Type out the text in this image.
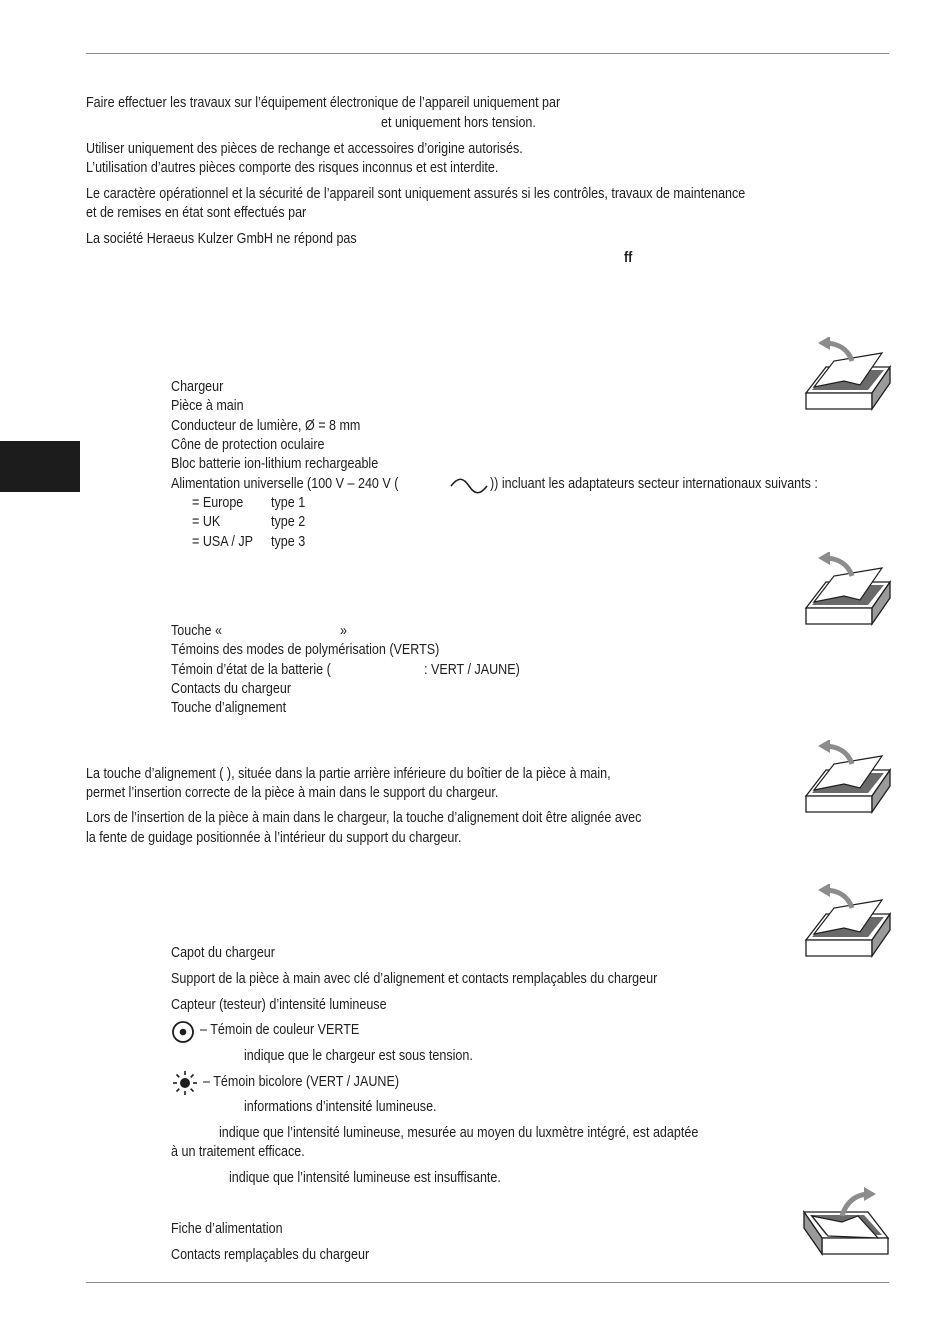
Faire effectuer les travaux sur l’équipement électronique de l’appareil uniquement par
et uniquement hors tension.
Utiliser uniquement des pièces de rechange et accessoires d’origine autorisés.
L’utilisation d’autres pièces comporte des risques inconnus et est interdite.
Le caractère opérationnel et la sécurité de l’appareil sont uniquement assurés si les contrôles, travaux de maintenance
et de remises en état sont effectués par
La société Heraeus Kulzer GmbH ne répond pas
ff
Chargeur
Pièce à main
Conducteur de lumière, Ø = 8 mm
Cône de protection oculaire
Bloc batterie ion-lithium rechargeable
Alimentation universelle (100 V – 240 V (	)) incluant les adaptateurs secteur internationaux suivants :
= Europe type 1
= UK	type 2
= USA / JP type 3
Touche «	»
Témoins des modes de polymérisation (VERTS)
Témoin d’état de la batterie (	: VERT / JAUNE)
Contacts du chargeur
Touche d’alignement
La touche d’alignement ( ), située dans la partie arrière inférieure du boîtier de la pièce à main,
permet l’insertion correcte de la pièce à main dans le support du chargeur.
Lors de l’insertion de la pièce à main dans le chargeur, la touche d’alignement doit être alignée avec
la fente de guidage positionnée à l’intérieur du support du chargeur.
Capot du chargeur
Support de la pièce à main avec clé d’alignement et contacts remplaçables du chargeur
Capteur (testeur) d’intensité lumineuse
– Témoin de couleur VERTE
indique que le chargeur est sous tension.
– Témoin bicolore (VERT / JAUNE)
informations d’intensité lumineuse.
indique que l’intensité lumineuse, mesurée au moyen du luxmètre intégré, est adaptée
à un traitement efficace.
indique que l’intensité lumineuse est insuffisante.
Fiche d’alimentation
Contacts remplaçables du chargeur
